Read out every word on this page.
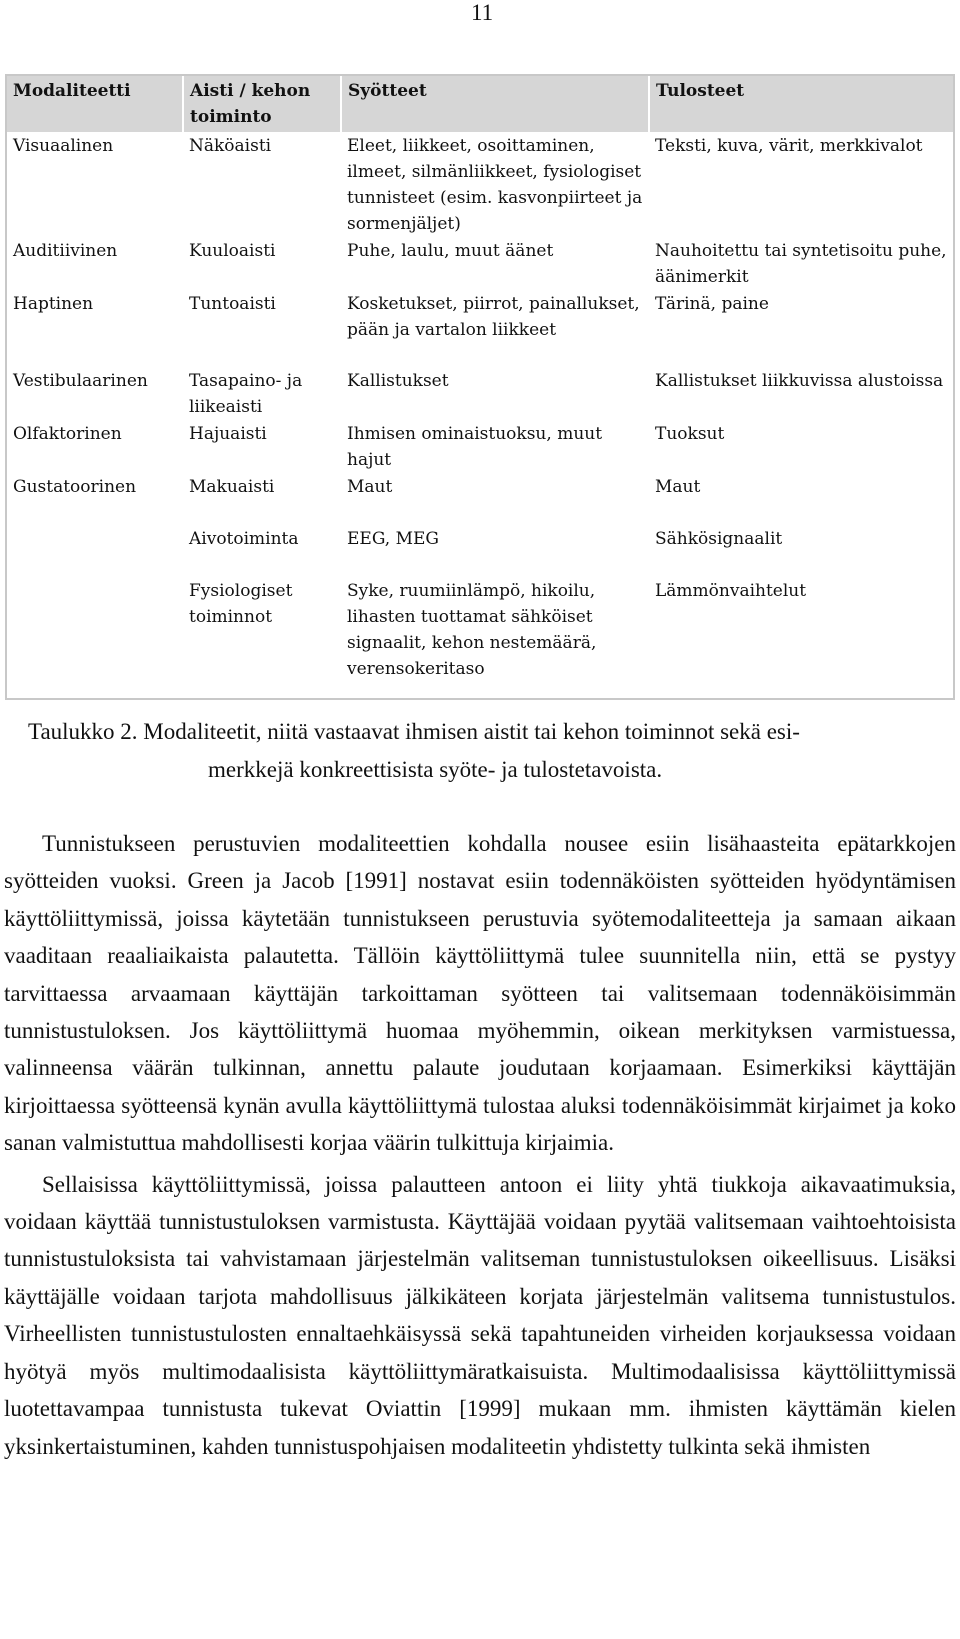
11
Modaliteetti	Aisti / kehon toiminto	Syötteet	Tulosteet
Visuaalinen	Näköaisti	Eleet, liikkeet, osoittaminen, ilmeet, silmänliikkeet, fysiologiset tunnisteet (esim. kasvonpiirteet ja sormenjäljet)	Teksti, kuva, värit, merkkivalot
Auditiivinen	Kuuloaisti	Puhe, laulu, muut äänet	Nauhoitettu tai syntetisoitu puhe, äänimerkit
Haptinen	Tuntoaisti	Kosketukset, piirrot, painallukset, pään ja vartalon liikkeet	Tärinä, paine
Vestibulaarinen	Tasapaino- ja liikeaisti	Kallistukset	Kallistukset liikkuvissa alustoissa
Olfaktorinen	Hajuaisti	Ihmisen ominaistuoksu, muut hajut	Tuoksut
Gustatoorinen	Makuaisti	Maut	Maut
	Aivotoiminta	EEG, MEG	Sähkösignaalit
	Fysiologiset toiminnot	Syke, ruumiinlämpö, hikoilu, lihasten tuottamat sähköiset signaalit, kehon nestemäärä, verensokeritaso	Lämmönvaihtelut
Taulukko 2. Modaliteetit, niitä vastaavat ihmisen aistit tai kehon toiminnot sekä esi-
merkkejä konkreettisista syöte- ja tulostetavoista.

Tunnistukseen perustuvien modaliteettien kohdalla nousee esiin lisähaasteita epätarkkojen syötteiden vuoksi. Green ja Jacob [1991] nostavat esiin todennäköisten syötteiden hyödyntämisen käyttöliittymissä, joissa käytetään tunnistukseen perustuvia syötemodaliteetteja ja samaan aikaan vaaditaan reaaliaikaista palautetta. Tällöin käyttöliittymä tulee suunnitella niin, että se pystyy tarvittaessa arvaamaan käyttäjän tarkoittaman syötteen tai valitsemaan todennäköisimmän tunnistustuloksen. Jos käyttöliittymä huomaa myöhemmin, oikean merkityksen varmistuessa, valinneensa väärän tulkinnan, annettu palaute joudutaan korjaamaan. Esimerkiksi käyttäjän kirjoittaessa syötteensä kynän avulla käyttöliittymä tulostaa aluksi todennäköisimmät kirjaimet ja koko sanan valmistuttua mahdollisesti korjaa väärin tulkittuja kirjaimia.

Sellaisissa käyttöliittymissä, joissa palautteen antoon ei liity yhtä tiukkoja aikavaatimuksia, voidaan käyttää tunnistustuloksen varmistusta. Käyttäjää voidaan pyytää valitsemaan vaihtoehtoisista tunnistustuloksista tai vahvistamaan järjestelmän valitseman tunnistustuloksen oikeellisuus. Lisäksi käyttäjälle voidaan tarjota mahdollisuus jälkikäteen korjata järjestelmän valitsema tunnistustulos. Virheellisten tunnistustulosten ennaltaehkäisyssä sekä tapahtuneiden virheiden korjauksessa voidaan hyötyä myös multimodaalisista käyttöliittymäratkaisuista. Multimodaalisissa käyttöliittymissä luotettavampaa tunnistusta tukevat Oviattin [1999] mukaan mm. ihmisten käyttämän kielen yksinkertaistuminen, kahden tunnistuspohjaisen modaliteetin yhdistetty tulkinta sekä ihmisten
